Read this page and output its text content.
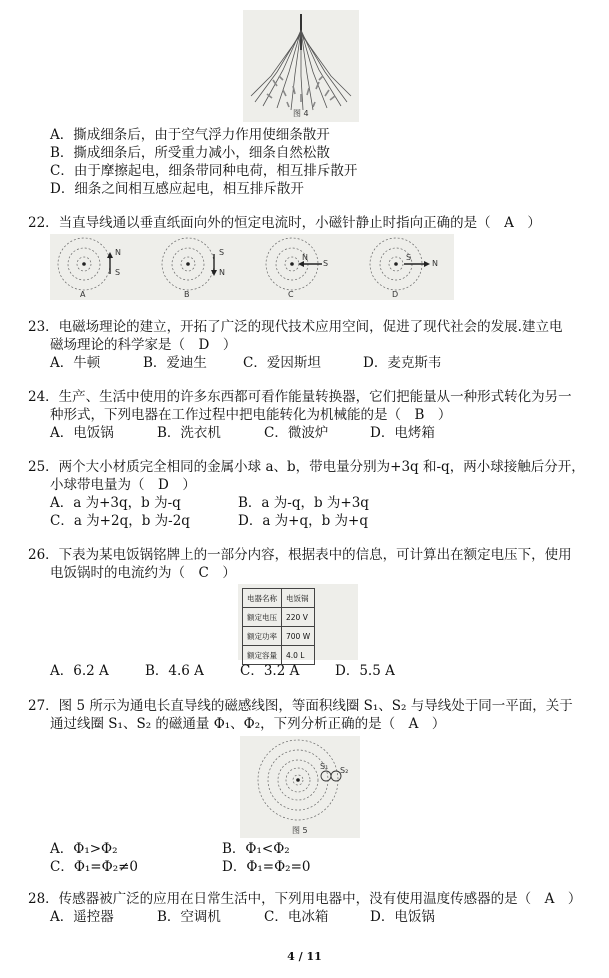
图 4
A．撕成细条后，由于空气浮力作用使细条散开
B．撕成细条后，所受重力减小，细条自然松散
C．由于摩擦起电，细条带同种电荷，相互排斥散开
D．细条之间相互感应起电，相互排斥散开
22．当直导线通以垂直纸面向外的恒定电流时，小磁针静止时指向正确的是（　A　）
N
S
S
N
N
S
S
N
A	B	C	D
23．电磁场理论的建立，开拓了广泛的现代技术应用空间，促进了现代社会的发展.建立电
磁场理论的科学家是（　D　）
A．牛顿	B．爱迪生	C．爱因斯坦	D．麦克斯韦
24．生产、生活中使用的许多东西都可看作能量转换器，它们把能量从一种形式转化为另一
种形式，下列电器在工作过程中把电能转化为机械能的是（　B　）
A．电饭锅	B．洗衣机	C．微波炉	D．电烤箱
25．两个大小材质完全相同的金属小球 a、b，带电量分别为+3q 和-q，两小球接触后分开，
小球带电量为（　D　）
A．a 为+3q，b 为-q	B．a 为-q，b 为+3q
C．a 为+2q，b 为-2q	D．a 为+q，b 为+q
26．下表为某电饭锅铭牌上的一部分内容，根据表中的信息，可计算出在额定电压下，使用
电饭锅时的电流约为（　C　）
电器名称	电饭锅
额定电压	220 V
额定功率	700 W
额定容量	4.0 L
A．6.2 A	B．4.6 A	C．3.2 A	D．5.5 A
27．图 5 所示为通电长直导线的磁感线图，等面积线圈 S₁、S₂ 与导线处于同一平面，关于
通过线圈 S₁、S₂ 的磁通量 Φ₁、Φ₂，下列分析正确的是（　A　）
S₁ S₂
图 5
A．Φ₁>Φ₂	B．Φ₁<Φ₂
C．Φ₁=Φ₂≠0	D．Φ₁=Φ₂=0
28．传感器被广泛的应用在日常生活中，下列用电器中，没有使用温度传感器的是（　A　）
A．遥控器	B．空调机	C．电冰箱	D．电饭锅
4 / 11
